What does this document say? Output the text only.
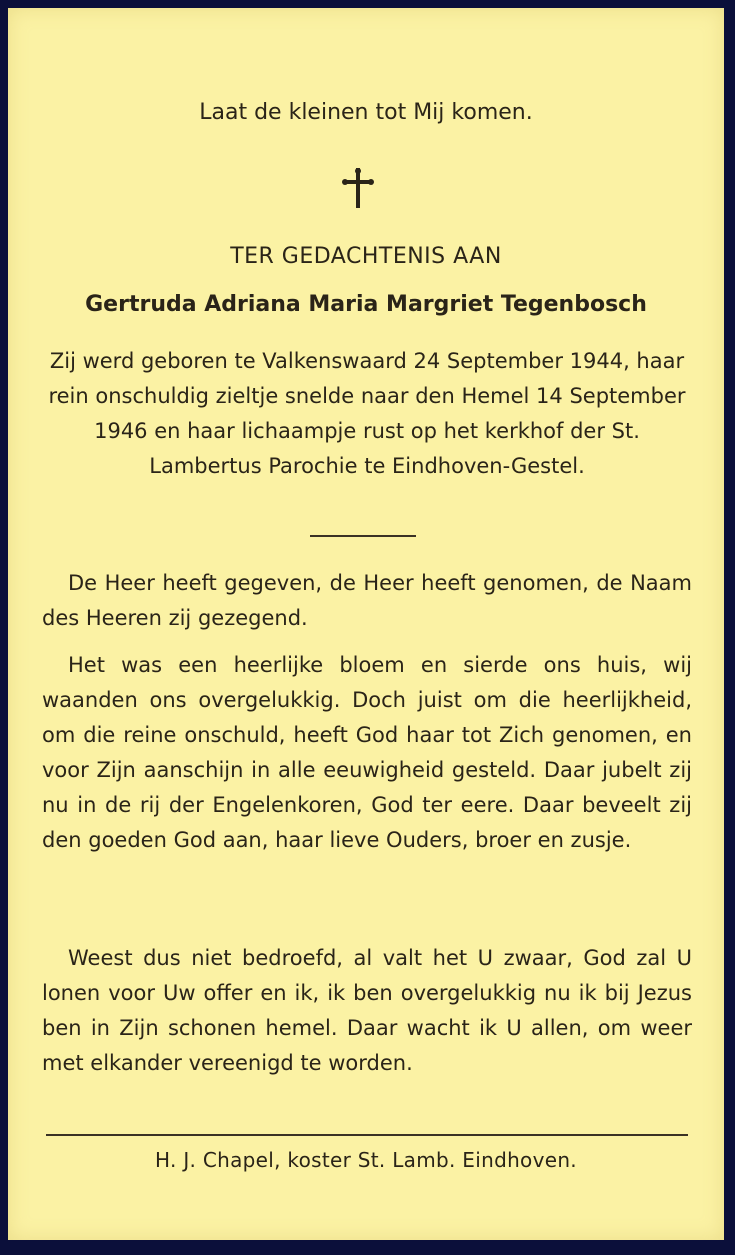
Laat de kleinen tot Mij komen.
TER GEDACHTENIS AAN
Gertruda Adriana Maria Margriet Tegenbosch
Zij werd geboren te Valkenswaard 24 September 1944, haar rein onschuldig zieltje snelde naar den Hemel 14 September 1946 en haar lichaampje rust op het kerkhof der St. Lambertus Parochie te Eindhoven-Gestel.
De Heer heeft gegeven, de Heer heeft genomen, de Naam des Heeren zij gezegend.
Het was een heerlijke bloem en sierde ons huis, wij waanden ons overgelukkig. Doch juist om die heerlijkheid, om die reine onschuld, heeft God haar tot Zich genomen, en voor Zijn aanschijn in alle eeuwigheid gesteld. Daar jubelt zij nu in de rij der Engelenkoren, God ter eere. Daar beveelt zij den goeden God aan, haar lieve Ouders, broer en zusje.
Weest dus niet bedroefd, al valt het U zwaar, God zal U lonen voor Uw offer en ik, ik ben overgelukkig nu ik bij Jezus ben in Zijn schonen hemel. Daar wacht ik U allen, om weer met elkander vereenigd te worden.
H. J. Chapel, koster St. Lamb. Eindhoven.
